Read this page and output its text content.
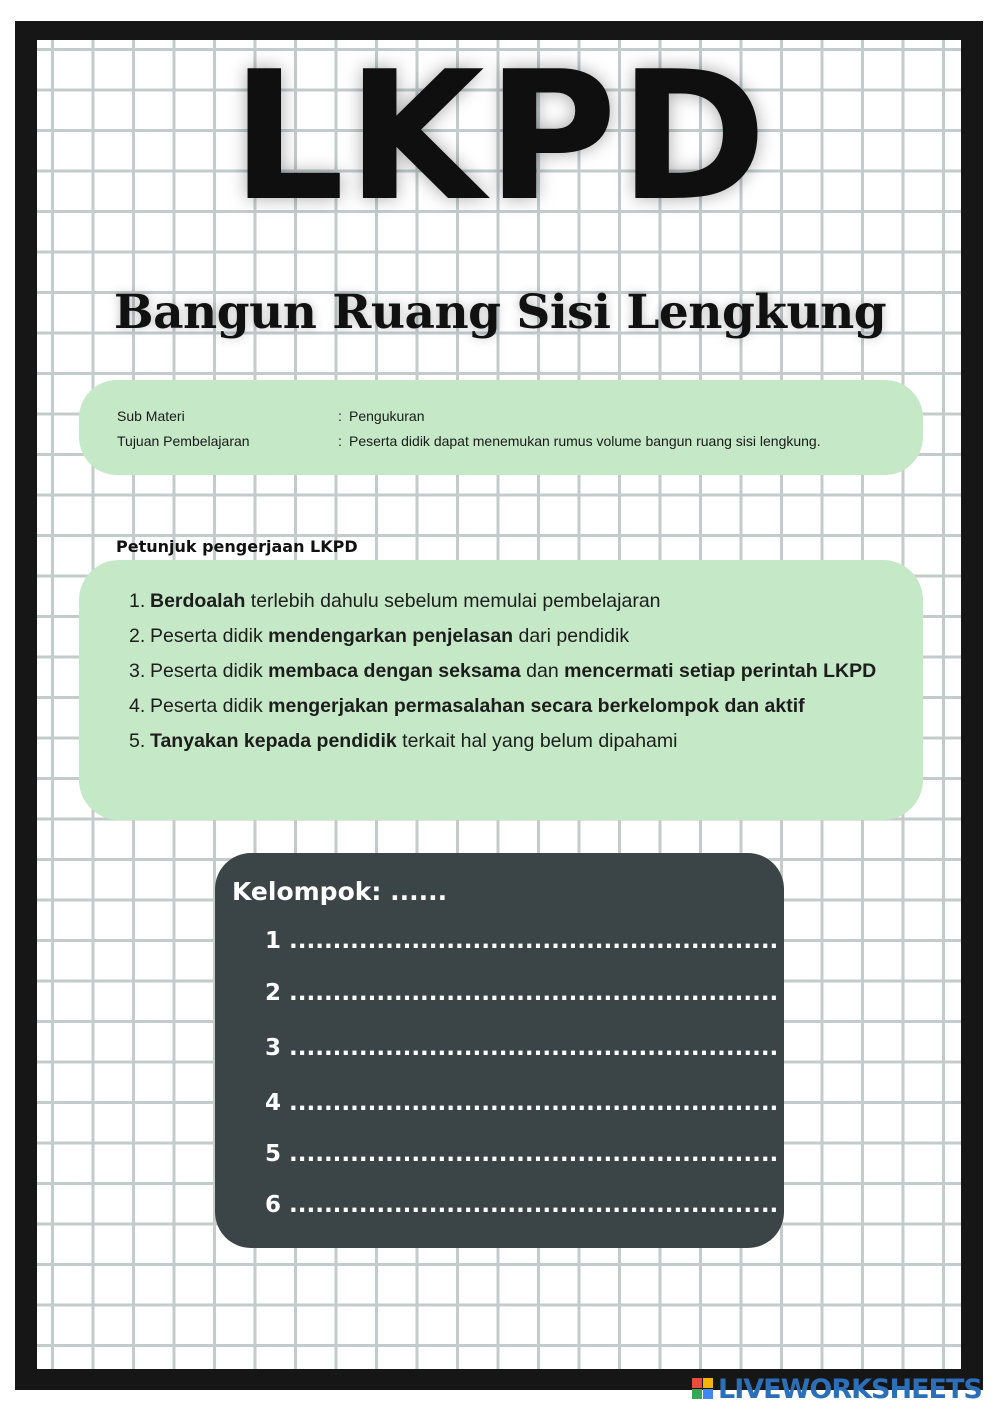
LKPD
Bangun Ruang Sisi Lengkung
Sub Materi	: Pengukuran
Tujuan Pembelajaran	: Peserta didik dapat menemukan rumus volume bangun ruang sisi lengkung.
Petunjuk pengerjaan LKPD
1. Berdoalah terlebih dahulu sebelum memulai pembelajaran
2. Peserta didik mendengarkan penjelasan dari pendidik
3. Peserta didik membaca dengan seksama dan mencermati setiap perintah LKPD
4. Peserta didik mengerjakan permasalahan secara berkelompok dan aktif
5. Tanyakan kepada pendidik terkait hal yang belum dipahami
Kelompok: ......
1 ........................................................
2 ........................................................
3 ........................................................
4 ........................................................
5 ........................................................
6 ........................................................
LIVEWORKSHEETS
